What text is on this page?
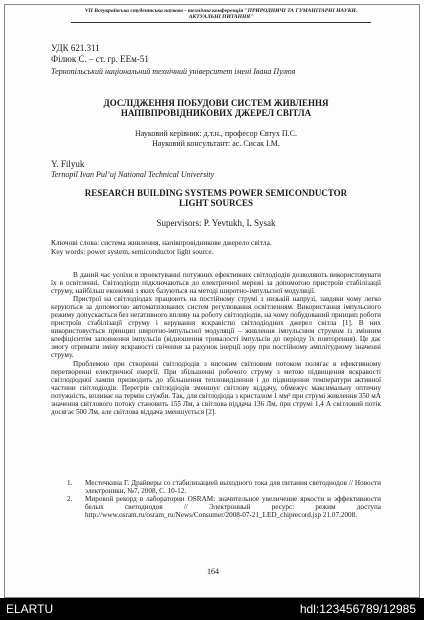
VII Всеукраїнська студентська науково - технічна конференція "ПРИРОДНИЧІ ТА ГУМАНІТАРНІ НАУКИ.
АКТУАЛЬНІ ПИТАННЯ"
УДК 621.311
Філюк С. – ст. гр. ЕЕм-51
Тернопільський національний технічний університет імені Івана Пулюя
ДОСЛІДЖЕННЯ ПОБУДОВИ СИСТЕМ ЖИВЛЕННЯ
НАПІВПРОВІДНИКОВИХ ДЖЕРЕЛ СВІТЛА
Науковий керівник: д.т.н., професор Євтух П.С.
Науковий консультант: ас. Сисак І.М.
Y. Filyuk
Ternopil Ivan Pul’uj National Technical University
RESEARCH BUILDING SYSTEMS POWER SEMICONDUCTOR
LIGHT SOURCES
Supervisors: P. Yevtukh, I. Sysak
Ключові слова: система живлення, напівпровідникове джерело світла.
Key words: power system, semiconductor light source.

В даний час успіхи в проектуванні потужних ефективних світлодіодів дозволяють використовувати їх в освітленні. Світлодіоди підключаються до електричної мережі за допомогою пристроїв стабілізації струму, найбільш економні з яких базуються на методі широтно-імпульсної модуляції.

Пристрої на світлодіодах працюють на постійному струмі з низькій напрузі, завдяки чому легко керуються за допомогою автоматизованих систем регулювання освітленням. Використання імпульсного режиму допускається без негативного впливу на роботу світлодіодів, на чому побудований принцип роботи пристроїв стабілізації струму і керування яскравістю світлодіодних джерел світла [1]. В них використовується принцип широтно-імпульсної модуляції – живлення імпульсним струмом із змінним коефіцієнтом заповнення імпульсів (відношення тривалості імпульсів до періоду їх повторення). Це дає змогу отримати зміну яскравості свічення за рахунок інерції зору при постійному амплітудному значенні струму.

Проблемою при створенні світлодіодів з високим світловим потоком полягає в ефективному перетворенні електричної енергії. При збільшенні робочого струму з метою підвищення яскравості світлодіодної лампи призводить до збільшення тепловиділення і до підвищення температури активної частини світлодіодів. Перегрів світлодіодів зменшує світлову віддачу, обмежує максимальну оптичну потужність, впливає на термін служби. Так, для світлодіода з кристалом 1 мм² при струмі живлення 350 мА значення світлового потоку становить 155 Лм, а світлова віддача 136 Лм, при струмі 1,4 А світловий потік досягає 500 Лм, але світлова віддача зменшується [2].

1. Местечкина Г. Драйверы со стабилизацией выходного тока для питания светодиодов // Новости электроники, №7, 2008, С. 10-12.
2. Мировой рекорд в лаборатории OSRAM: значительное увеличение яркости и эффективности белых светодиодов // Электронный ресурс: режим доступа http://www.osram.ru/osram_ru/News/Consumer/2008-07-21_LED_chiprecord.jsp 21.07.2008.
164
ELARTU	hdl:123456789/12985
